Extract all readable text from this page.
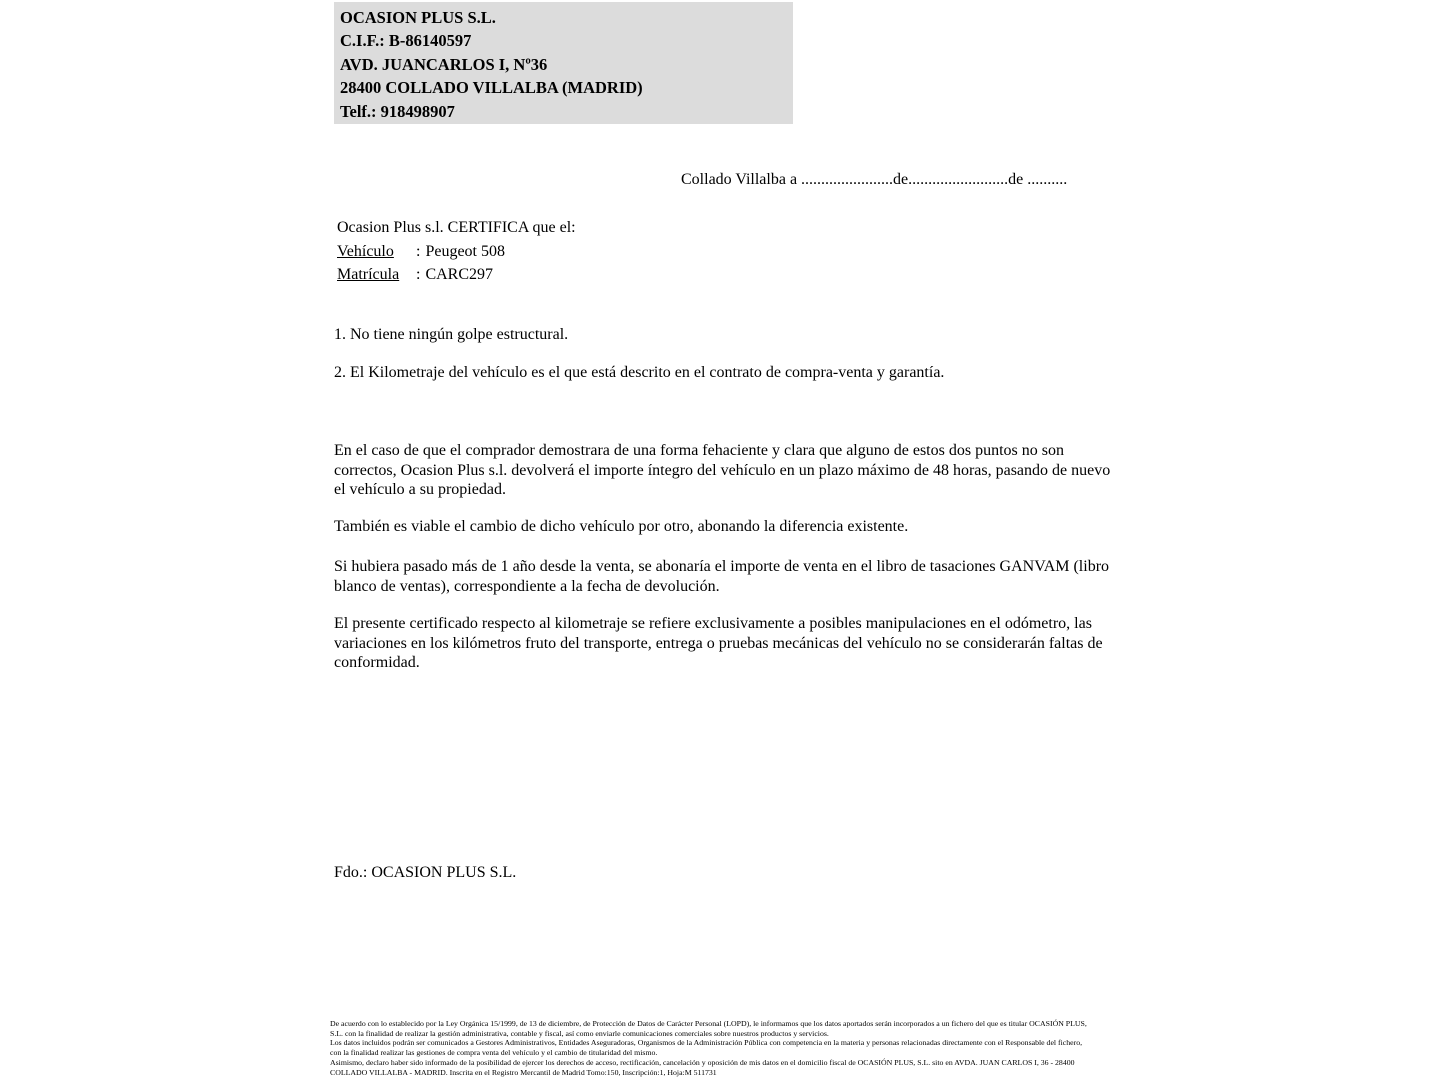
OCASION PLUS S.L.
C.I.F.: B-86140597
AVD. JUANCARLOS I, Nº36
28400 COLLADO VILLALBA (MADRID)
Telf.: 918498907
Collado Villalba a .......................de.........................de ..........
Ocasion Plus s.l. CERTIFICA que el:
Vehículo : Peugeot 508
Matrícula : CARC297
1. No tiene ningún golpe estructural.
2. El Kilometraje del vehículo es el que está descrito en el contrato de compra-venta y garantía.
En el caso de que el comprador demostrara de una forma fehaciente y clara que alguno de estos dos puntos no son correctos, Ocasion Plus s.l. devolverá el importe íntegro del vehículo en un plazo máximo de 48 horas, pasando de nuevo el vehículo a su propiedad.
También es viable el cambio de dicho vehículo por otro, abonando la diferencia existente.
Si hubiera pasado más de 1 año desde la venta, se abonaría el importe de venta en el libro de tasaciones GANVAM (libro blanco de ventas), correspondiente a la fecha de devolución.
El presente certificado respecto al kilometraje se refiere exclusivamente a posibles manipulaciones en el odómetro, las variaciones en los kilómetros fruto del transporte, entrega o pruebas mecánicas del vehículo no se considerarán faltas de conformidad.
Fdo.: OCASION PLUS S.L.

De acuerdo con lo establecido por la Ley Orgánica 15/1999, de 13 de diciembre, de Protección de Datos de Carácter Personal (LOPD), le informamos que los datos aportados serán incorporados a un fichero del que es titular OCASIÓN PLUS, S.L. con la finalidad de realizar la gestión administrativa, contable y fiscal, así como enviarle comunicaciones comerciales sobre nuestros productos y servicios.

Los datos incluidos podrán ser comunicados a Gestores Administrativos, Entidades Aseguradoras, Organismos de la Administración Pública con competencia en la materia y personas relacionadas directamente con el Responsable del fichero, con la finalidad realizar las gestiones de compra venta del vehículo y el cambio de titularidad del mismo.

Asimismo, declaro haber sido informado de la posibilidad de ejercer los derechos de acceso, rectificación, cancelación y oposición de mis datos en el domicilio fiscal de OCASIÓN PLUS, S.L. sito en AVDA. JUAN CARLOS I, 36 - 28400 COLLADO VILLALBA - MADRID. Inscrita en el Registro Mercantil de Madrid Tomo:150, Inscripción:1, Hoja:M 511731
